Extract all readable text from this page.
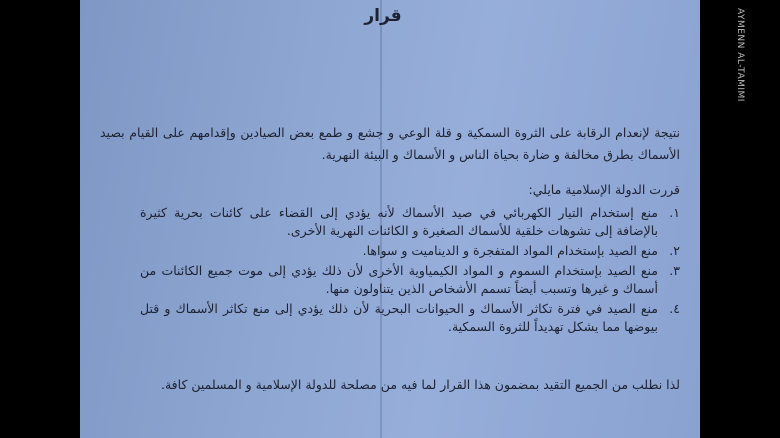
قرار
نتيجة لإنعدام الرقابة على الثروة السمكية و قلة الوعي و جشع و طمع بعض الصيادين وإقدامهم على القيام بصيد الأسماك بطرق مخالفة و ضارة بحياة الناس و الأسماك و البيئة النهرية.
قررت الدولة الإسلامية مايلي:
١.
منع إستخدام التيار الكهربائي في صيد الأسماك لأنه يؤدي إلى القضاء على كائنات بحرية كثيرة بالإضافة إلى تشوهات خلقية للأسماك الصغيرة و الكائنات النهرية الأخرى.
٢.
منع الصيد بإستخدام المواد المتفجرة و الديناميت و سواها.
٣.
منع الصيد بإستخدام السموم و المواد الكيمياوية الأخرى لأن ذلك يؤدي إلى موت جميع الكائنات من أسماك و غيرها وتسبب أيضاً تسمم الأشخاص الذين يتناولون منها.
٤.
منع الصيد في فترة تكاثر الأسماك و الحيوانات البحرية لأن ذلك يؤدي إلى منع تكاثر الأسماك و قتل بيوضها مما يشكل تهديداً للثروة السمكية.
لذا نطلب من الجميع التقيد بمضمون هذا القرار لما فيه من مصلحة للدولة الإسلامية و المسلمين كافة.
AYMENN AL-TAMIMI
